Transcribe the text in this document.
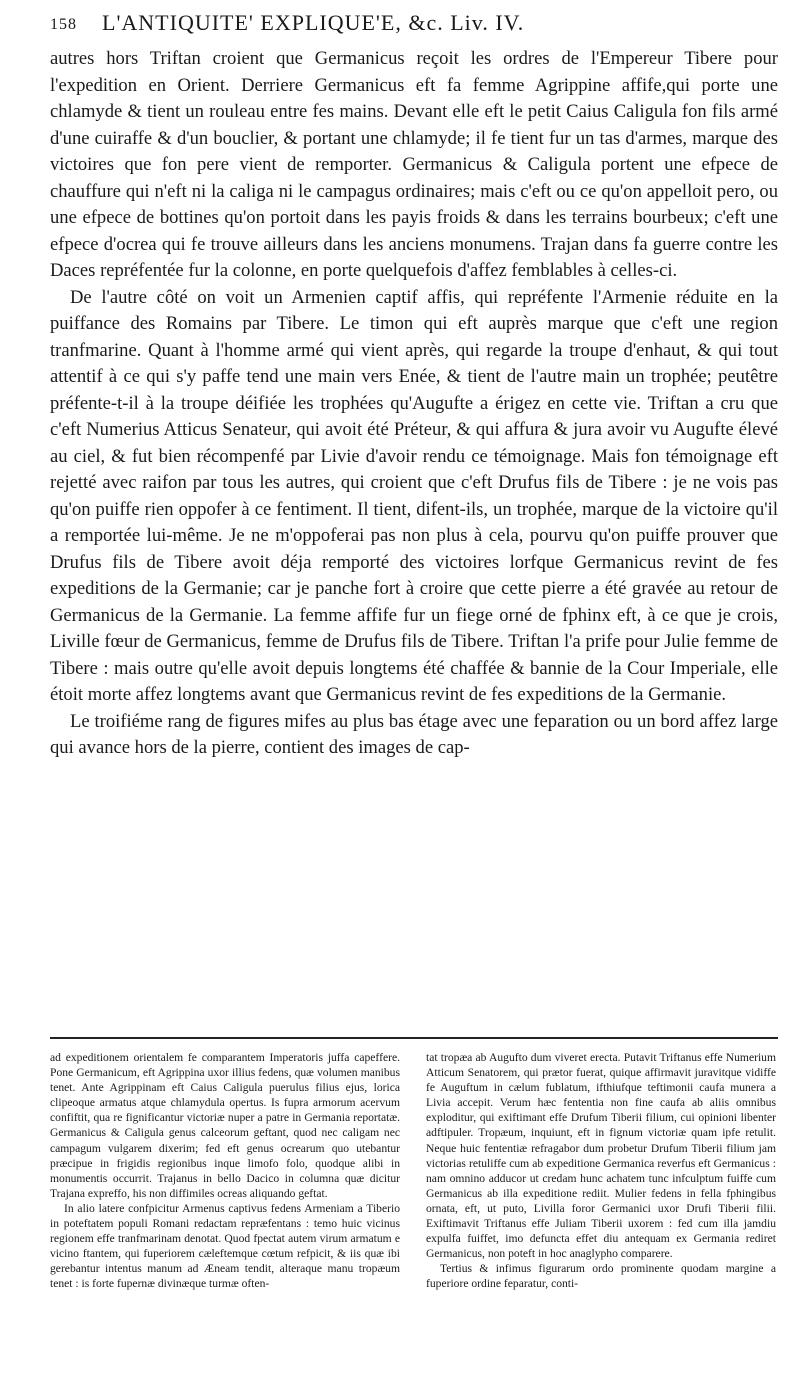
158 L'ANTIQUITE' EXPLIQUE'E, &c. Liv. IV.

autres hors Triftan croient que Germanicus reçoit les ordres de l'Empereur Tibere pour l'expedition en Orient. Derriere Germanicus eft fa femme Agrippine affife,qui porte une chlamyde & tient un rouleau entre fes mains. Devant elle eft le petit Caius Caligula fon fils armé d'une cuiraffe & d'un bouclier, & portant une chlamyde; il fe tient fur un tas d'armes, marque des victoires que fon pere vient de remporter. Germanicus & Caligula portent une efpece de chauffure qui n'eft ni la caliga ni le campagus ordinaires; mais c'eft ou ce qu'on appelloit pero, ou une efpece de bottines qu'on portoit dans les payis froids & dans les terrains bourbeux; c'eft une efpece d'ocrea qui fe trouve ailleurs dans les anciens monumens. Trajan dans fa guerre contre les Daces repréfentée fur la colonne, en porte quelquefois d'affez femblables à celles-ci.

De l'autre côté on voit un Armenien captif affis, qui repréfente l'Armenie réduite en la puiffance des Romains par Tibere. Le timon qui eft auprès marque que c'eft une region tranfmarine. Quant à l'homme armé qui vient après, qui regarde la troupe d'enhaut, & qui tout attentif à ce qui s'y paffe tend une main vers Enée, & tient de l'autre main un trophée; peutêtre préfente-t-il à la troupe déifiée les trophées qu'Augufte a érigez en cette vie. Triftan a cru que c'eft Numerius Atticus Senateur, qui avoit été Préteur, & qui affura & jura avoir vu Augufte élevé au ciel, & fut bien récompenfé par Livie d'avoir rendu ce témoignage. Mais fon témoignage eft rejetté avec raifon par tous les autres, qui croient que c'eft Drufus fils de Tibere : je ne vois pas qu'on puiffe rien oppofer à ce fentiment. Il tient, difent-ils, un trophée, marque de la victoire qu'il a remportée lui-même. Je ne m'oppoferai pas non plus à cela, pourvu qu'on puiffe prouver que Drufus fils de Tibere avoit déja remporté des victoires lorfque Germanicus revint de fes expeditions de la Germanie; car je panche fort à croire que cette pierre a été gravée au retour de Germanicus de la Germanie. La femme affife fur un fiege orné de fphinx eft, à ce que je crois, Liville fœur de Germanicus, femme de Drufus fils de Tibere. Triftan l'a prife pour Julie femme de Tibere : mais outre qu'elle avoit depuis longtems été chaffée & bannie de la Cour Imperiale, elle étoit morte affez longtems avant que Germanicus revint de fes expeditions de la Germanie.

Le troifiéme rang de figures mifes au plus bas étage avec une feparation ou un bord affez large qui avance hors de la pierre, contient des images de cap-

ad expeditionem orientalem fe comparantem Imperatoris juffa capeffere. Pone Germanicum, eft Agrippina uxor illius fedens, quæ volumen manibus tenet. Ante Agrippinam eft Caius Caligula puerulus filius ejus, lorica clipeoque armatus atque chlamydula opertus. Is fupra armorum acervum confiftit, qua re fignificantur victoriæ nuper a patre in Germania reportatæ. Germanicus & Caligula genus calceorum geftant, quod nec caligam nec campagum vulgarem dixerim; fed eft genus ocrearum quo utebantur præcipue in frigidis regionibus inque limofo folo, quodque alibi in monumentis occurrit. Trajanus in bello Dacico in columna quæ dicitur Trajana expreffo, his non diffimiles ocreas aliquando geftat.

In alio latere confpicitur Armenus captivus fedens Armeniam a Tiberio in poteftatem populi Romani redactam repræfentans : temo huic vicinus regionem effe tranfmarinam denotat. Quod fpectat autem virum armatum e vicino ftantem, qui fuperiorem cæleftemque cœtum refpicit, & iis quæ ibi gerebantur intentus manum ad Æneam tendit, alteraque manu tropæum tenet : is forte fupernæ divinæque turmæ often-

tat tropæa ab Augufto dum viveret erecta. Putavit Triftanus effe Numerium Atticum Senatorem, qui prætor fuerat, quique affirmavit juravitque vidiffe fe Auguftum in cælum fublatum, ifthiufque teftimonii caufa munera a Livia accepit. Verum hæc fententia non fine caufa ab aliis omnibus exploditur, qui exiftimant effe Drufum Tiberii filium, cui opinioni libenter adftipuler. Tropæum, inquiunt, eft in fignum victoriæ quam ipfe retulit. Neque huic fententiæ refragabor dum probetur Drufum Tiberii filium jam victorias retuliffe cum ab expeditione Germanica reverfus eft Germanicus : nam omnino adducor ut credam hunc achatem tunc infculptum fuiffe cum Germanicus ab illa expeditione rediit. Mulier fedens in fella fphingibus ornata, eft, ut puto, Livilla foror Germanici uxor Drufi Tiberii filii. Exiftimavit Triftanus effe Juliam Tiberii uxorem : fed cum illa jamdiu expulfa fuiffet, imo defuncta effet diu antequam ex Germania rediret Germanicus, non poteft in hoc anaglypho comparere.

Tertius & infimus figurarum ordo prominente quodam margine a fuperiore ordine feparatur, conti-
